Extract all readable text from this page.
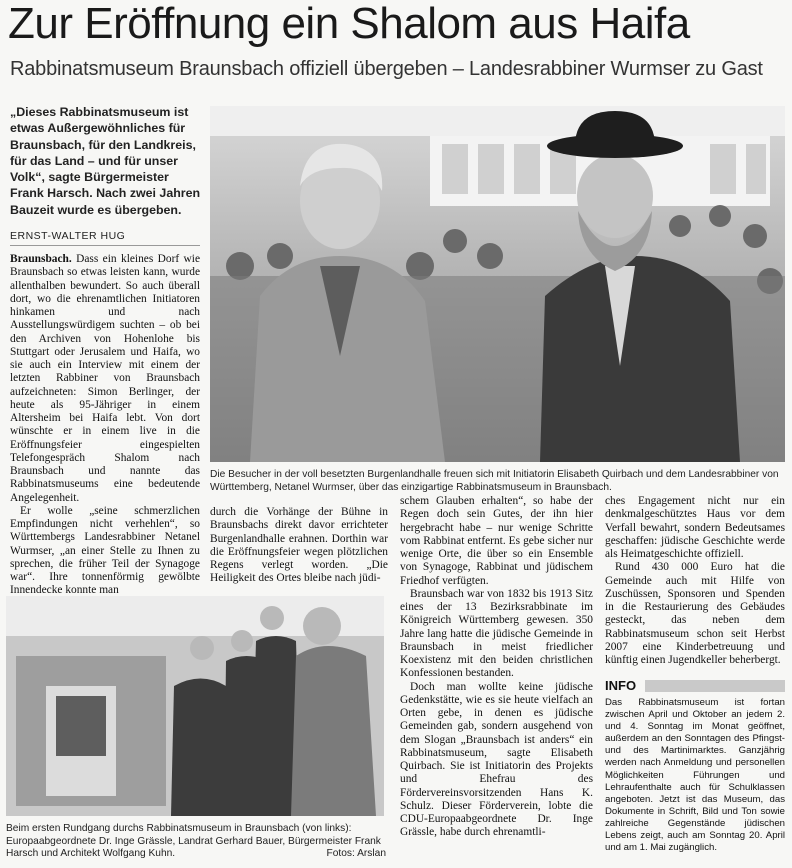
Zur Eröffnung ein Shalom aus Haifa
Rabbinatsmuseum Braunsbach offiziell übergeben – Landesrabbiner Wurmser zu Gast
„Dieses Rabbinatsmuseum ist etwas Außergewöhnliches für Braunsbach, für den Landkreis, für das Land – und für unser Volk“, sagte Bürgermeister Frank Harsch. Nach zwei Jahren Bauzeit wurde es übergeben.
ERNST-WALTER HUG

Braunsbach. Dass ein kleines Dorf wie Braunsbach so etwas leisten kann, wurde allenthalben bewundert. So auch überall dort, wo die ehrenamtlichen Initiatoren hinkamen und nach Ausstellungswürdigem suchten – ob bei den Archiven von Hohenlohe bis Stuttgart oder Jerusalem und Haifa, wo sie auch ein Interview mit einem der letzten Rabbiner von Braunsbach aufzeichneten: Simon Berlinger, der heute als 95-Jähriger in einem Altersheim bei Haifa lebt. Von dort wünschte er in einem live in die Eröffnungsfeier eingespielten Telefongespräch Shalom nach Braunsbach und nannte das Rabbinatsmuseums eine bedeutende Angelegenheit.

Er wolle „seine schmerzlichen Empfindungen nicht verhehlen“, so Württembergs Landesrabbiner Netanel Wurmser, „an einer Stelle zu Ihnen zu sprechen, die früher Teil der Synagoge war“. Ihre tonnenförmig gewölbte Innendecke konnte man

Die Besucher in der voll besetzten Burgenlandhalle freuen sich mit Initiatorin Elisabeth Quirbach und dem Landesrabbiner von Württemberg, Netanel Wurmser, über das einzigartige Rabbinatsmuseum in Braunsbach.

durch die Vorhänge der Bühne in Braunsbachs direkt davor errichteter Burgenlandhalle erahnen. Dorthin war die Eröffnungsfeier wegen plötzlichen Regens verlegt worden. „Die Heiligkeit des Ortes bleibe nach jüdi-

Beim ersten Rundgang durchs Rabbinatsmuseum in Braunsbach (von links): Europaabgeordnete Dr. Inge Grässle, Landrat Gerhard Bauer, Bürgermeister Frank Harsch und Architekt Wolfgang Kuhn.	Fotos: Arslan

schem Glauben erhalten“, so habe der Regen doch sein Gutes, der ihn hier hergebracht habe – nur wenige Schritte vom Rabbinat entfernt. Es gebe sicher nur wenige Orte, die über so ein Ensemble von Synagoge, Rabbinat und jüdischem Friedhof verfügten.

Braunsbach war von 1832 bis 1913 Sitz eines der 13 Bezirksrabbinate im Königreich Württemberg gewesen. 350 Jahre lang hatte die jüdische Gemeinde in Braunsbach in meist friedlicher Koexistenz mit den beiden christlichen Konfessionen bestanden.

Doch man wollte keine jüdische Gedenkstätte, wie es sie heute vielfach an Orten gebe, in denen es jüdische Gemeinden gab, sondern ausgehend von dem Slogan „Braunsbach ist anders“ ein Rabbinatsmuseum, sagte Elisabeth Quirbach. Sie ist Initiatorin des Projekts und Ehefrau des Fördervereinsvorsitzenden Hans K. Schulz. Dieser Förderverein, lobte die CDU-Europaabgeordnete Dr. Inge Grässle, habe durch ehrenamtli-

ches Engagement nicht nur ein denkmalgeschütztes Haus vor dem Verfall bewahrt, sondern Bedeutsames geschaffen: jüdische Geschichte werde als Heimatgeschichte offiziell.

Rund 430 000 Euro hat die Gemeinde auch mit Hilfe von Zuschüssen, Sponsoren und Spenden in die Restaurierung des Gebäudes gesteckt, das neben dem Rabbinatsmuseum schon seit Herbst 2007 eine Kinderbetreuung und künftig einen Jugendkeller beherbergt.

INFO
Das Rabbinatsmuseum ist fortan zwischen April und Oktober an jedem 2. und 4. Sonntag im Monat geöffnet, außerdem an den Sonntagen des Pfingst- und des Martinimarktes. Ganzjährig werden nach Anmeldung und personellen Möglichkeiten Führungen und Lehraufenthalte auch für Schulklassen angeboten. Jetzt ist das Museum, das Dokumente in Schrift, Bild und Ton sowie zahlreiche Gegenstände jüdischen Lebens zeigt, auch am Sonntag 20. April und am 1. Mai zugänglich.
